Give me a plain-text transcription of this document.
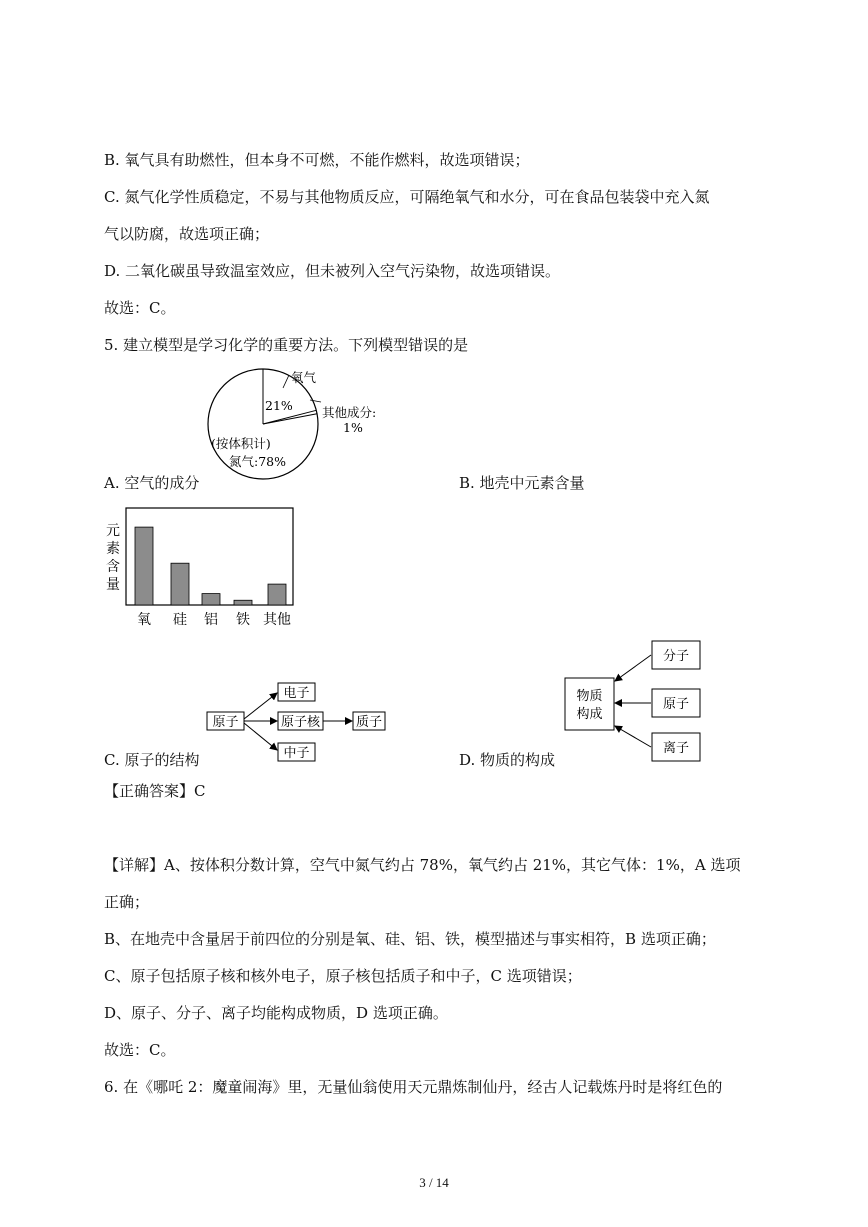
B. 氧气具有助燃性，但本身不可燃，不能作燃料，故选项错误；
C. 氮气化学性质稳定，不易与其他物质反应，可隔绝氧气和水分，可在食品包装袋中充入氮
气以防腐，故选项正确；
D. 二氧化碳虽导致温室效应，但未被列入空气污染物，故选项错误。
故选：C。
5. 建立模型是学习化学的重要方法。下列模型错误的是
氧气
21% 其他成分:
1%
(按体积计)
氮气:78%
A. 空气的成分	B. 地壳中元素含量
元
素
含
量
氧 硅 铝 铁 其他
电子
原子	原子核	质子
中子
物质
构成
分子
原子
离子
C. 原子的结构	D. 物质的构成
【正确答案】C
【详解】A、按体积分数计算，空气中氮气约占 78%，氧气约占 21%，其它气体：1%，A 选项
正确；
B、在地壳中含量居于前四位的分别是氧、硅、铝、铁，模型描述与事实相符，B 选项正确；
C、原子包括原子核和核外电子，原子核包括质子和中子，C 选项错误；
D、原子、分子、离子均能构成物质，D 选项正确。
故选：C。
6. 在《哪吒 2：魔童闹海》里，无量仙翁使用天元鼎炼制仙丹，经古人记载炼丹时是将红色的
3 / 14
